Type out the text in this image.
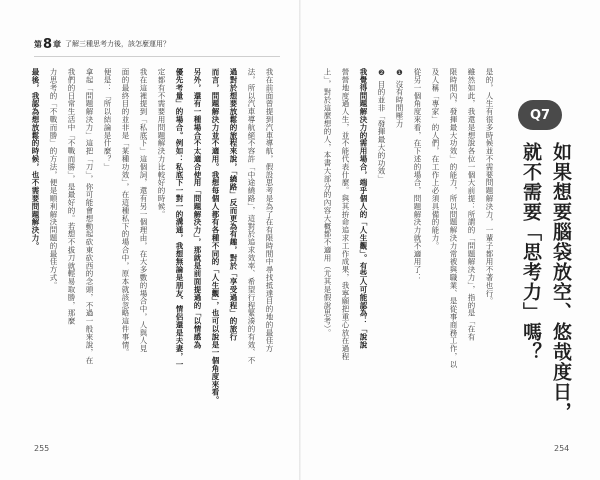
第 8 章 了解三種思考力後，該怎麼運用？
我在前面曾提到汽車導航，假設思考是為了在有限時間中尋找抵達目的地的最佳方
法，所以汽車導航絕不容許「中途繞路」，這對於追求效率、希望行程緊湊的有效、不
過對於想要放鬆的旅程來說，「繞路」反而更為有趣，對於「享受過程」的旅行
而言，問題解決力並不適用。我想每個人都有各種不同的「人生觀」，也可以說是一個角度來看。
另外，還有一種場合不太適合使用「問題解決力」，那就是前面提過的「以情感為
優先考量」的場合。例如：私底下一對一的溝通，我想無論是朋友、情侶還是夫妻，一
定都有不需要用問題解決力比較好的時候。
我在這裡提到「私底下」這個詞，還有另一個理由，在大多數的場合中，人與人見
面的最終目的並非是「某種功效」，在這種私下的場合中，原本就該忽略這件事情。
便是：「所以結論是什麼？」
拿起「問題解決力」這把「刀」，你可能會想動起砍東砍西的念頭，不過一般來說，在
我們的日常生活中「不戰而勝」，是最好的。若想不拔刀就輕易取勝，那麼
力思考的「不戰而勝」的方法，便是順利解決問題的最佳方式。
最後，我認為想放鬆的時候，也不需要問題解決力。	是的，人生有很多時候並不需要問題解決力，一輩子都用不著也行。
雖然如此，我還是想說各位一個大前提：所謂的「問題解決力」，指的是「在有
限時間內，發揮最大功效」的能力，所以問題解決力常被與職業、是從事商務工作，以
及人稱「專家」的人們，在工作上必須具備的能力。
從另一個角度來看，在下述的場合，問題解決力就不適用了：
❶ 沒有時間壓力
❷ 目的並非「發揮最大的功效」
我覺得問題解決力的需用場合，端乎個人的「人生觀」。有些人可能認為：「說說
營營地度過人生，並不能代表什麼。與其拚命追求工作成果，我寧願把重心放在過程
上」，對於這麼想的人，本書大部分的內容大概都不適用（尤其是假說思考）。	Q7
如果想要腦袋放空、悠哉度日，
就不需要「思考力」嗎？
255	254
